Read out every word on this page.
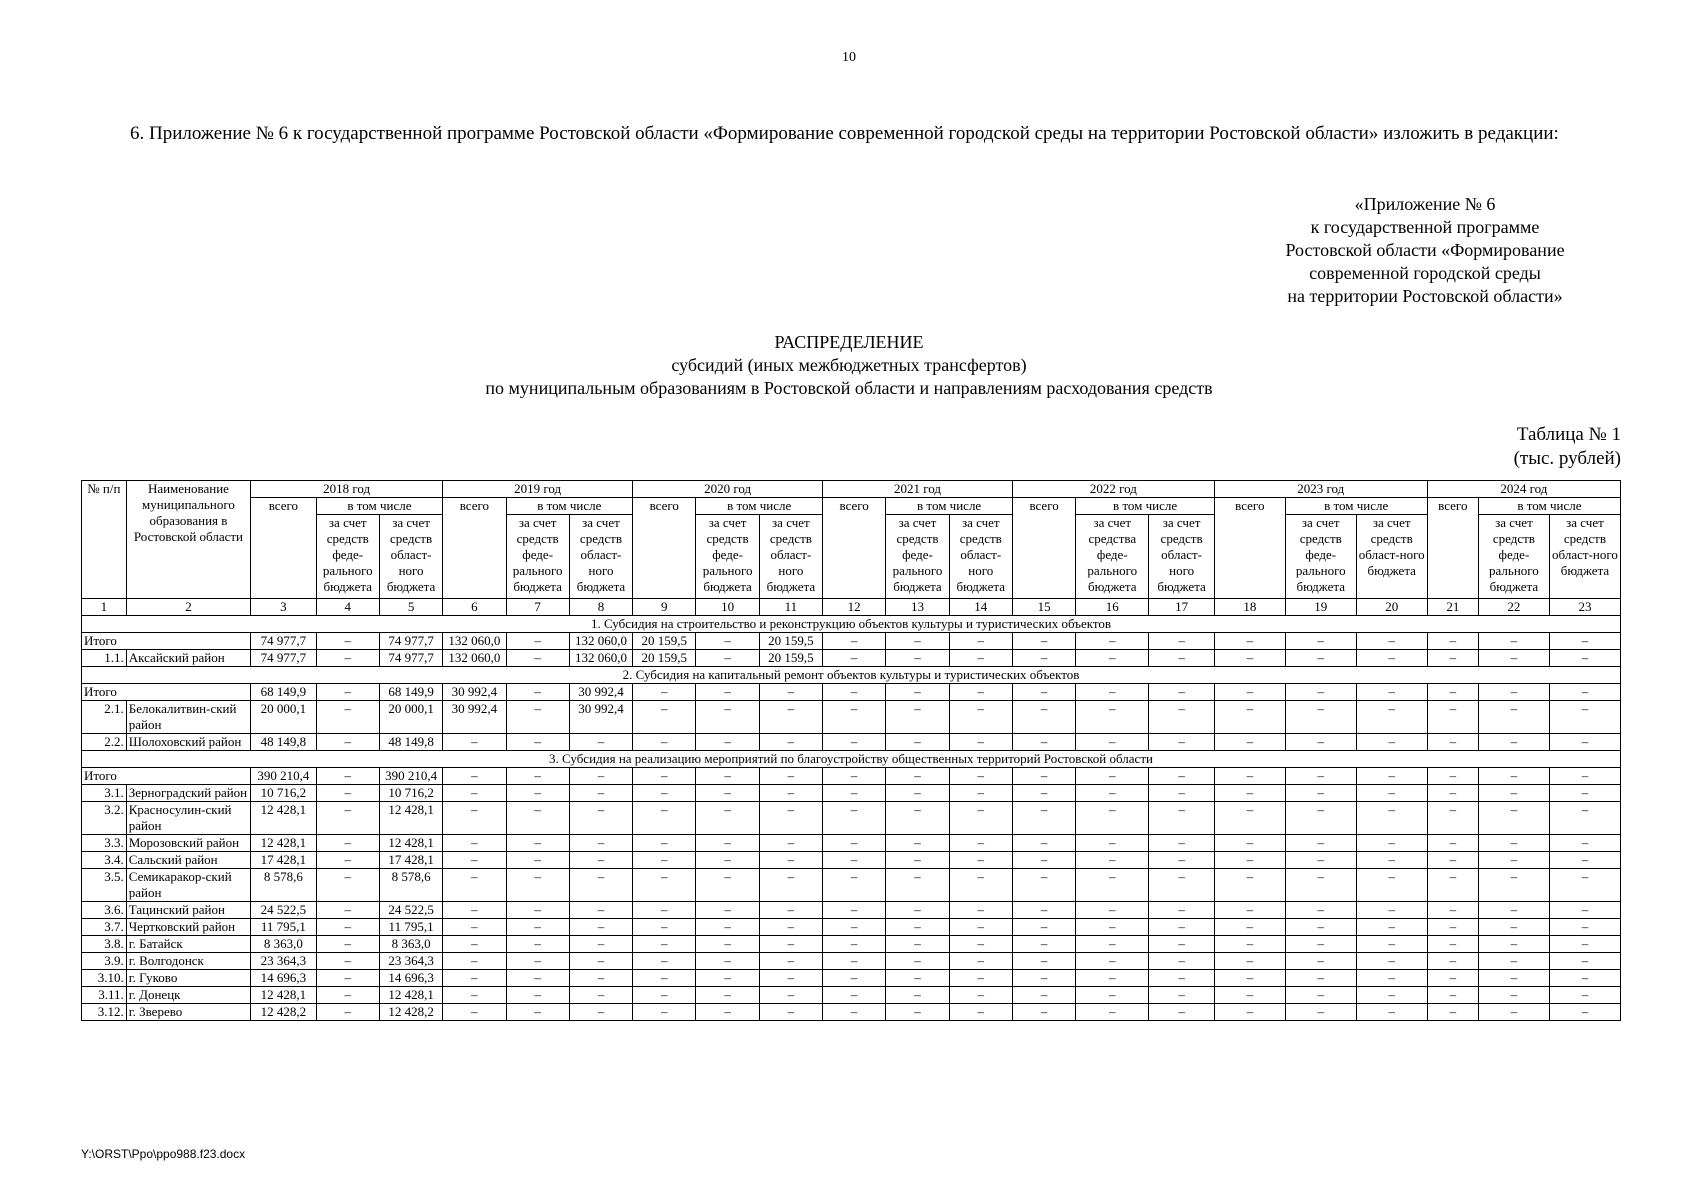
10
6. Приложение № 6 к государственной программе Ростовской области «Формирование современной городской среды на территории Ростовской области» изложить в редакции:
«Приложение № 6
к государственной программе
Ростовской области «Формирование
современной городской среды
на территории Ростовской области»
РАСПРЕДЕЛЕНИЕ
субсидий (иных межбюджетных трансфертов)
по муниципальным образованиям в Ростовской области и направлениям расходования средств
Таблица № 1
(тыс. рублей)
№ п/п	Наименование муниципального образования в Ростовской области	2018 год			2019 год			2020 год			2021 год			2022 год			2023 год			2024 год		
		всего	в том числе		всего	в том числе		всего	в том числе		всего	в том числе		всего	в том числе		всего	в том числе		всего	в том числе	
			за счет средств феде-рального бюджета	за счет средств област-ного бюджета		за счет средств феде-рального бюджета	за счет средств област-ного бюджета		за счет средств феде-рального бюджета	за счет средств област-ного бюджета		за счет средств феде-рального бюджета	за счет средств област-ного бюджета		за счет средства феде-рального бюджета	за счет средств област-ного бюджета		за счет средств феде-рального бюджета	за счет средств област-ного бюджета		за счет средств феде-рального бюджета	за счет средств област-ного бюджета
1	2	3	4	5	6	7	8	9	10	11	12	13	14	15	16	17	18	19	20	21	22	23
1. Субсидия на строительство и реконструкцию объектов культуры и туристических объектов																						
Итого		74 977,7	–	74 977,7	132 060,0	–	132 060,0	20 159,5	–	20 159,5	–	–	–	–	–	–	–	–	–	–	–	–
1.1.	Аксайский район	74 977,7	–	74 977,7	132 060,0	–	132 060,0	20 159,5	–	20 159,5	–	–	–	–	–	–	–	–	–	–	–	–
2. Субсидия на капитальный ремонт объектов культуры и туристических объектов																						
Итого		68 149,9	–	68 149,9	30 992,4	–	30 992,4	–	–	–	–	–	–	–	–	–	–	–	–	–	–	–
2.1.	Белокалитвин-ский район	20 000,1	–	20 000,1	30 992,4	–	30 992,4	–	–	–	–	–	–	–	–	–	–	–	–	–	–	–
2.2.	Шолоховский район	48 149,8	–	48 149,8	–	–	–	–	–	–	–	–	–	–	–	–	–	–	–	–	–	–
3. Субсидия на реализацию мероприятий по благоустройству общественных территорий Ростовской области																						
Итого		390 210,4	–	390 210,4	–	–	–	–	–	–	–	–	–	–	–	–	–	–	–	–	–	–
3.1.	Зерноградский район	10 716,2	–	10 716,2	–	–	–	–	–	–	–	–	–	–	–	–	–	–	–	–	–	–
3.2.	Красносулин-ский район	12 428,1	–	12 428,1	–	–	–	–	–	–	–	–	–	–	–	–	–	–	–	–	–	–
3.3.	Морозовский район	12 428,1	–	12 428,1	–	–	–	–	–	–	–	–	–	–	–	–	–	–	–	–	–	–
3.4.	Сальский район	17 428,1	–	17 428,1	–	–	–	–	–	–	–	–	–	–	–	–	–	–	–	–	–	–
3.5.	Семикаракор-ский район	8 578,6	–	8 578,6	–	–	–	–	–	–	–	–	–	–	–	–	–	–	–	–	–	–
3.6.	Тацинский район	24 522,5	–	24 522,5	–	–	–	–	–	–	–	–	–	–	–	–	–	–	–	–	–	–
3.7.	Чертковский район	11 795,1	–	11 795,1	–	–	–	–	–	–	–	–	–	–	–	–	–	–	–	–	–	–
3.8.	г. Батайск	8 363,0	–	8 363,0	–	–	–	–	–	–	–	–	–	–	–	–	–	–	–	–	–	–
3.9.	г. Волгодонск	23 364,3	–	23 364,3	–	–	–	–	–	–	–	–	–	–	–	–	–	–	–	–	–	–
3.10.	г. Гуково	14 696,3	–	14 696,3	–	–	–	–	–	–	–	–	–	–	–	–	–	–	–	–	–	–
3.11.	г. Донецк	12 428,1	–	12 428,1	–	–	–	–	–	–	–	–	–	–	–	–	–	–	–	–	–	–
3.12.	г. Зверево	12 428,2	–	12 428,2	–	–	–	–	–	–	–	–	–	–	–	–	–	–	–	–	–	–
Y:\ORST\Ppo\ppo988.f23.docx
